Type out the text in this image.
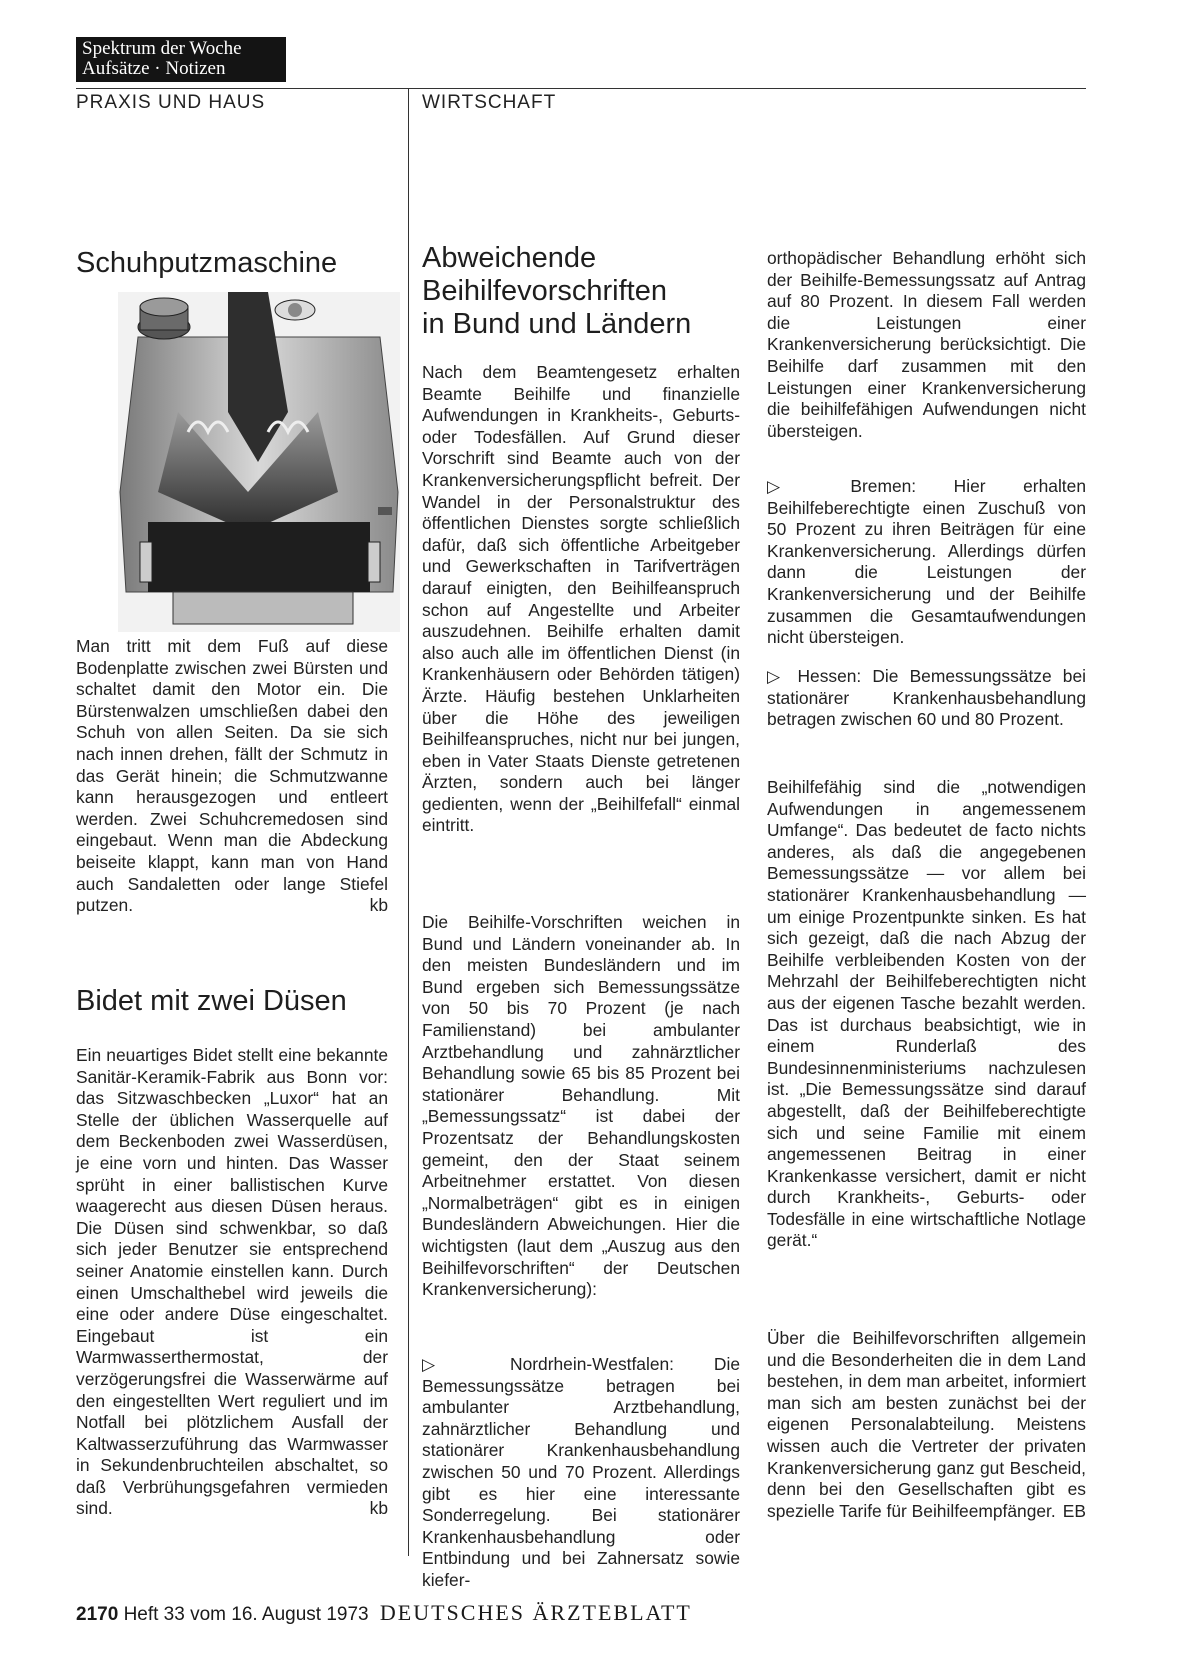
Spektrum der Woche
Aufsätze · Notizen
PRAXIS UND HAUS	WIRTSCHAFT
Schuhputzmaschine

Man tritt mit dem Fuß auf diese Bodenplatte zwischen zwei Bürsten und schaltet damit den Motor ein. Die Bürstenwalzen umschließen dabei den Schuh von allen Seiten. Da sie sich nach innen drehen, fällt der Schmutz in das Gerät hinein; die Schmutzwanne kann herausgezogen und entleert werden. Zwei Schuhcremedosen sind eingebaut. Wenn man die Abdeckung beiseite klappt, kann man von Hand auch Sandaletten oder lange Stiefel putzen.	kb

Bidet mit zwei Düsen

Ein neuartiges Bidet stellt eine bekannte Sanitär-Keramik-Fabrik aus Bonn vor: das Sitzwaschbecken „Luxor“ hat an Stelle der üblichen Wasserquelle auf dem Beckenboden zwei Wasserdüsen, je eine vorn und hinten. Das Wasser sprüht in einer ballistischen Kurve waagerecht aus diesen Düsen heraus. Die Düsen sind schwenkbar, so daß sich jeder Benutzer sie entsprechend seiner Anatomie einstellen kann. Durch einen Umschalthebel wird jeweils die eine oder andere Düse eingeschaltet. Eingebaut ist ein Warmwasserthermostat, der verzögerungsfrei die Wasserwärme auf den eingestellten Wert reguliert und im Notfall bei plötzlichem Ausfall der Kaltwasserzuführung das Warmwasser in Sekundenbruchteilen abschaltet, so daß Verbrühungsgefahren vermieden sind.	kb

Abweichende
Beihilfevorschriften
in Bund und Ländern

Nach dem Beamtengesetz erhalten Beamte Beihilfe und finanzielle Aufwendungen in Krankheits-, Geburts- oder Todesfällen. Auf Grund dieser Vorschrift sind Beamte auch von der Krankenversicherungspflicht befreit. Der Wandel in der Personalstruktur des öffentlichen Dienstes sorgte schließlich dafür, daß sich öffentliche Arbeitgeber und Gewerkschaften in Tarifverträgen darauf einigten, den Beihilfeanspruch schon auf Angestellte und Arbeiter auszudehnen. Beihilfe erhalten damit also auch alle im öffentlichen Dienst (in Krankenhäusern oder Behörden tätigen) Ärzte. Häufig bestehen Unklarheiten über die Höhe des jeweiligen Beihilfeanspruches, nicht nur bei jungen, eben in Vater Staats Dienste getretenen Ärzten, sondern auch bei länger gedienten, wenn der „Beihilfefall“ einmal eintritt.

Die Beihilfe-Vorschriften weichen in Bund und Ländern voneinander ab. In den meisten Bundesländern und im Bund ergeben sich Bemessungssätze von 50 bis 70 Prozent (je nach Familienstand) bei ambulanter Arztbehandlung und zahnärztlicher Behandlung sowie 65 bis 85 Prozent bei stationärer Behandlung. Mit „Bemessungssatz“ ist dabei der Prozentsatz der Behandlungskosten gemeint, den der Staat seinem Arbeitnehmer erstattet. Von diesen „Normalbeträgen“ gibt es in einigen Bundesländern Abweichungen. Hier die wichtigsten (laut dem „Auszug aus den Beihilfevorschriften“ der Deutschen Krankenversicherung):

▷ Nordrhein-Westfalen: Die Bemessungssätze betragen bei ambulanter Arztbehandlung, zahnärztlicher Behandlung und stationärer Krankenhausbehandlung zwischen 50 und 70 Prozent. Allerdings gibt es hier eine interessante Sonderregelung. Bei stationärer Krankenhausbehandlung oder Entbindung und bei Zahnersatz sowie kiefer-

orthopädischer Behandlung erhöht sich der Beihilfe-Bemessungssatz auf Antrag auf 80 Prozent. In diesem Fall werden die Leistungen einer Krankenversicherung berücksichtigt. Die Beihilfe darf zusammen mit den Leistungen einer Krankenversicherung die beihilfefähigen Aufwendungen nicht übersteigen.

▷ Bremen: Hier erhalten Beihilfeberechtigte einen Zuschuß von 50 Prozent zu ihren Beiträgen für eine Krankenversicherung. Allerdings dürfen dann die Leistungen der Krankenversicherung und der Beihilfe zusammen die Gesamtaufwendungen nicht übersteigen.

▷ Hessen: Die Bemessungssätze bei stationärer Krankenhausbehandlung betragen zwischen 60 und 80 Prozent.

Beihilfefähig sind die „notwendigen Aufwendungen in angemessenem Umfange“. Das bedeutet de facto nichts anderes, als daß die angegebenen Bemessungssätze — vor allem bei stationärer Krankenhausbehandlung — um einige Prozentpunkte sinken. Es hat sich gezeigt, daß die nach Abzug der Beihilfe verbleibenden Kosten von der Mehrzahl der Beihilfeberechtigten nicht aus der eigenen Tasche bezahlt werden. Das ist durchaus beabsichtigt, wie in einem Runderlaß des Bundesinnenministeriums nachzulesen ist. „Die Bemessungssätze sind darauf abgestellt, daß der Beihilfeberechtigte sich und seine Familie mit einem angemessenen Beitrag in einer Krankenkasse versichert, damit er nicht durch Krankheits-, Geburts- oder Todesfälle in eine wirtschaftliche Notlage gerät.“

Über die Beihilfevorschriften allgemein und die Besonderheiten die in dem Land bestehen, in dem man arbeitet, informiert man sich am besten zunächst bei der eigenen Personalabteilung. Meistens wissen auch die Vertreter der privaten Krankenversicherung ganz gut Bescheid, denn bei den Gesellschaften gibt es spezielle Tarife für Beihilfeempfänger. EB

2170 Heft 33 vom 16. August 1973 DEUTSCHES ÄRZTEBLATT
